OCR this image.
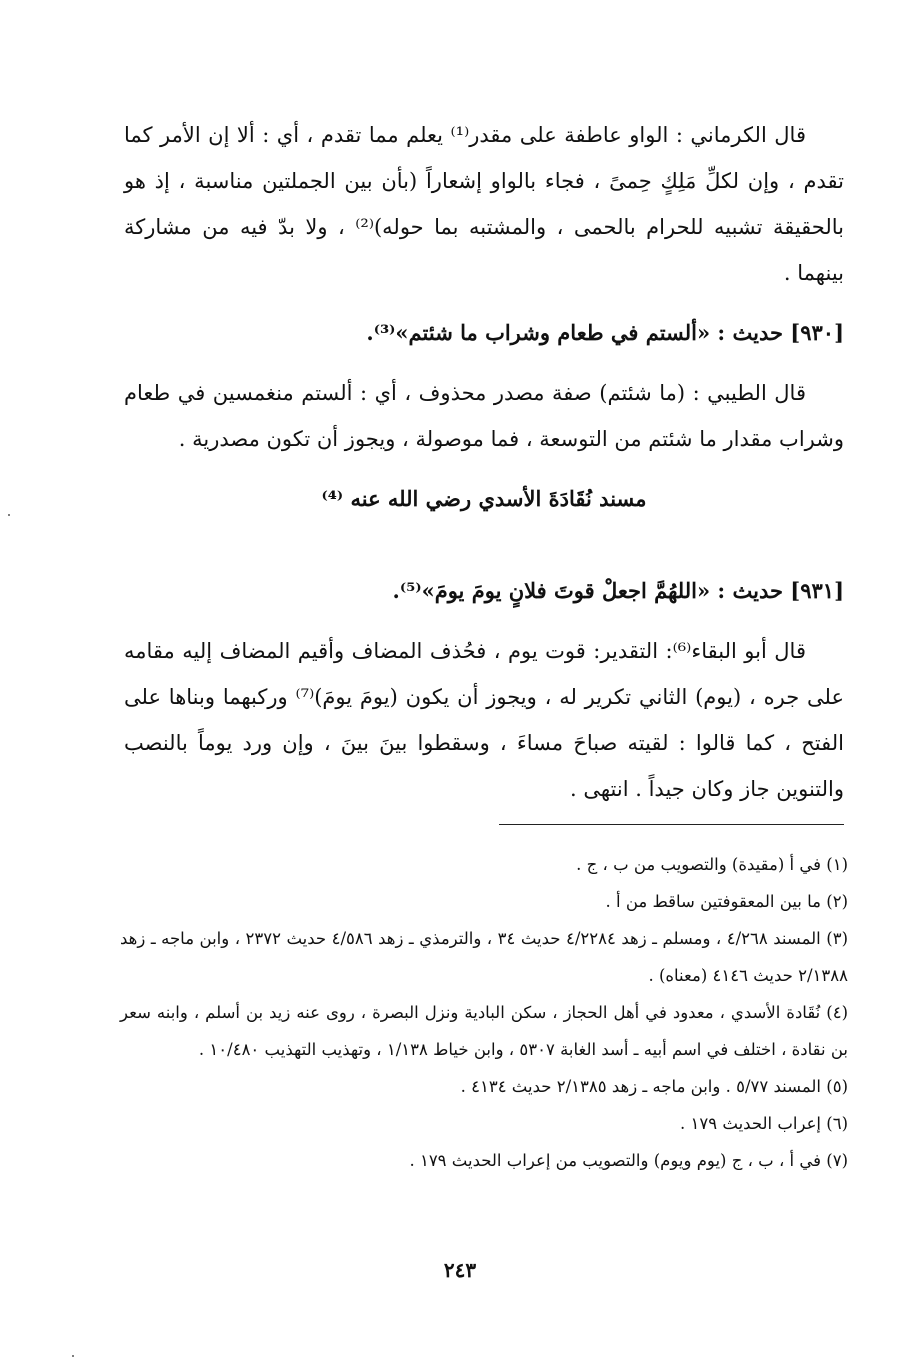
قال الكرماني : الواو عاطفة على مقدر⁽¹⁾ يعلم مما تقدم ، أي : ألا إن الأمر كما تقدم ، وإن لكلِّ مَلِكٍ حِمىً ، فجاء بالواو إشعاراً (بأن بين الجملتين مناسبة ، إذ هو بالحقيقة تشبيه للحرام بالحمى ، والمشتبه بما حوله)⁽²⁾ ، ولا بدّ فيه من مشاركة بينهما .

[٩٣٠] حديث : «ألستم في طعام وشراب ما شئتم»⁽³⁾.

قال الطيبي : (ما شئتم) صفة مصدر محذوف ، أي : ألستم منغمسين في طعام وشراب مقدار ما شئتم من التوسعة ، فما موصولة ، ويجوز أن تكون مصدرية .

مسند نُقَادَةَ الأسدي رضي الله عنه ⁽⁴⁾

[٩٣١] حديث : «اللهُمَّ اجعلْ قوتَ فلانٍ يومَ يومَ»⁽⁵⁾.

قال أبو البقاء⁽⁶⁾: التقدير: قوت يوم ، فحُذف المضاف وأقيم المضاف إليه مقامه على جره ، (يوم) الثاني تكرير له ، ويجوز أن يكون (يومَ يومَ)⁽⁷⁾ وركبهما وبناها على الفتح ، كما قالوا : لقيته صباحَ مساءَ ، وسقطوا بينَ بينَ ، وإن ورد يوماً بالنصب والتنوين جاز وكان جيداً . انتهى .

(١) في أ (مقيدة) والتصويب من ب ، ج .

(٢) ما بين المعقوفتين ساقط من أ .

(٣) المسند ٤/٢٦٨ ، ومسلم ـ زهد ٤/٢٢٨٤ حديث ٣٤ ، والترمذي ـ زهد ٤/٥٨٦ حديث ٢٣٧٢ ، وابن ماجه ـ زهد ٢/١٣٨٨ حديث ٤١٤٦ (معناه) .

(٤) نُقَادة الأسدي ، معدود في أهل الحجاز ، سكن البادية ونزل البصرة ، روى عنه زيد بن أسلم ، وابنه سعر بن نقادة ، اختلف في اسم أبيه ـ أسد الغابة ٥٣٠٧ ، وابن خياط ١/١٣٨ ، وتهذيب التهذيب ١٠/٤٨٠ .

(٥) المسند ٥/٧٧ . وابن ماجه ـ زهد ٢/١٣٨٥ حديث ٤١٣٤ .

(٦) إعراب الحديث ١٧٩ .

(٧) في أ ، ب ، ج (يوم ويوم) والتصويب من إعراب الحديث ١٧٩ .

٢٤٣
